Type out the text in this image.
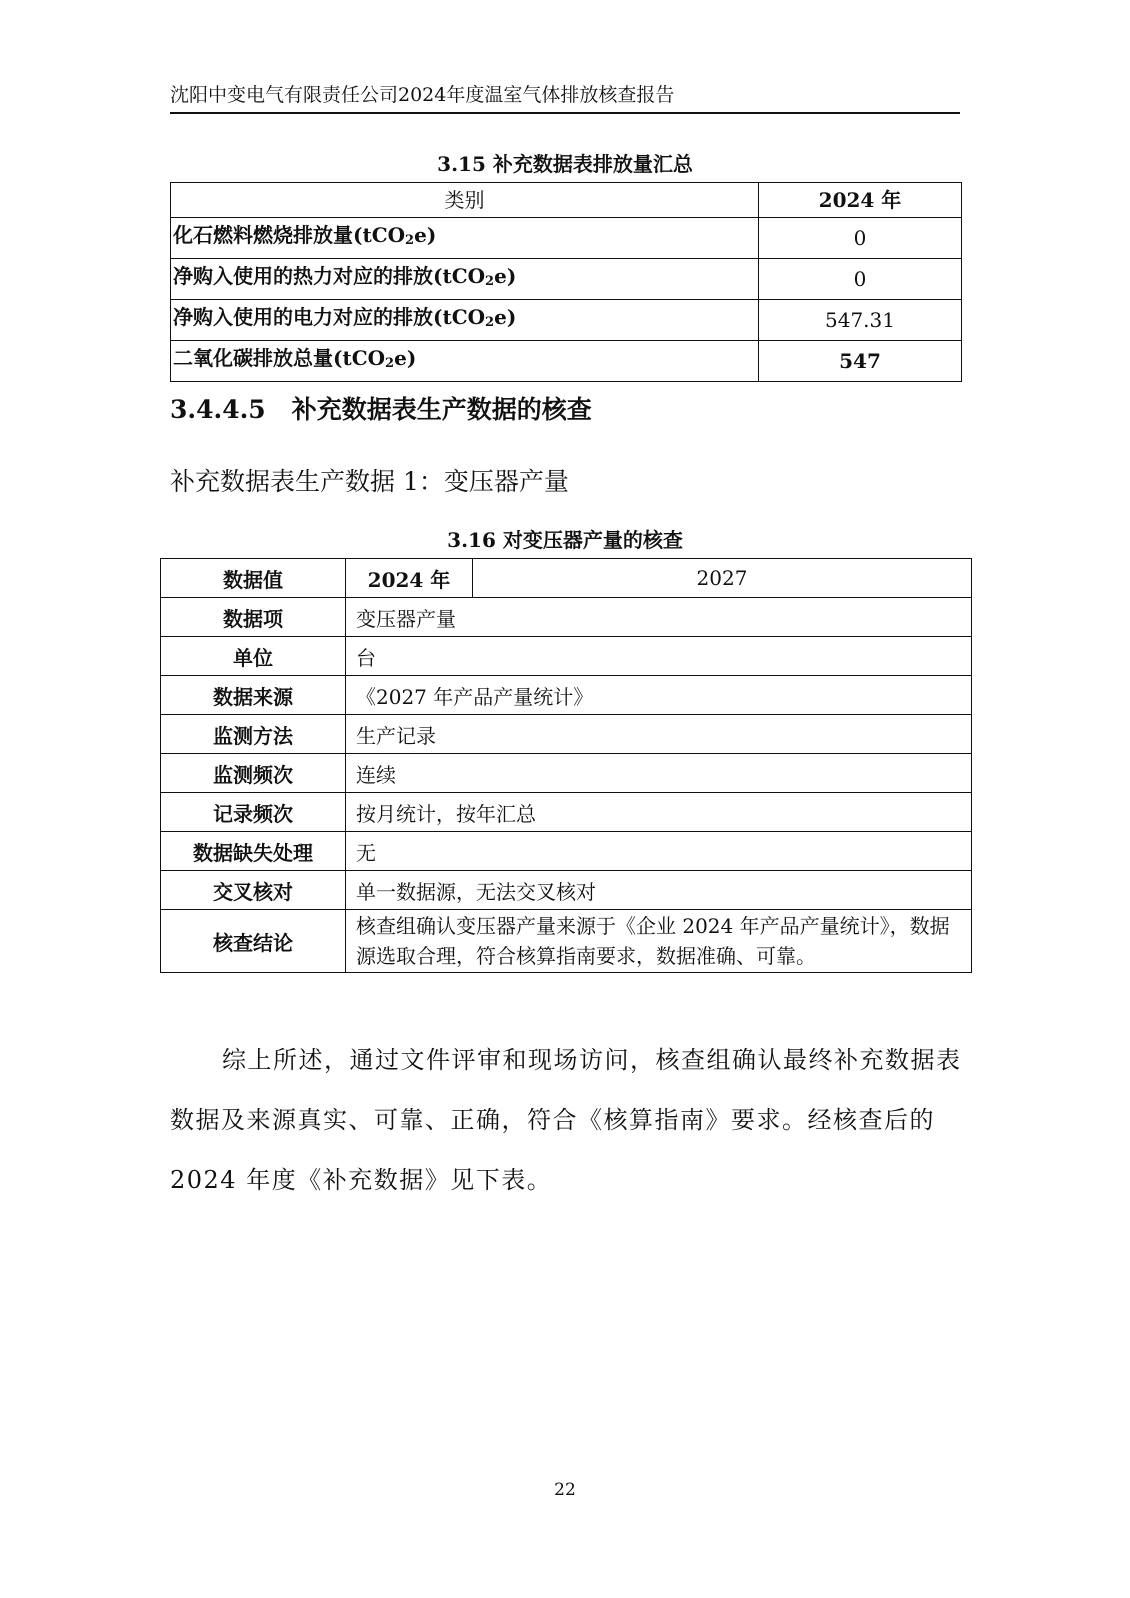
沈阳中变电气有限责任公司2024年度温室气体排放核查报告
3.15 补充数据表排放量汇总
类别	2024 年
化石燃料燃烧排放量(tCO$_2$e)	0
净购入使用的热力对应的排放(tCO$_2$e)	0
净购入使用的电力对应的排放(tCO$_2$e)	547.31
二氧化碳排放总量(tCO$_2$e)	547
3.4.4.5 补充数据表生产数据的核查
补充数据表生产数据 1：变压器产量
3.16 对变压器产量的核查
数据值	2024 年	2027
数据项	变压器产量	
单位	台	
数据来源	《2027 年产品产量统计》	
监测方法	生产记录	
监测频次	连续	
记录频次	按月统计，按年汇总	
数据缺失处理	无	
交叉核对	单一数据源，无法交叉核对	
核查结论	核查组确认变压器产量来源于《企业 2024 年产品产量统计》，数据源选取合理，符合核算指南要求，数据准确、可靠。	
综上所述，通过文件评审和现场访问，核查组确认最终补充数据表数据及来源真实、可靠、正确，符合《核算指南》要求。经核查后的 2024 年度《补充数据》见下表。
22
